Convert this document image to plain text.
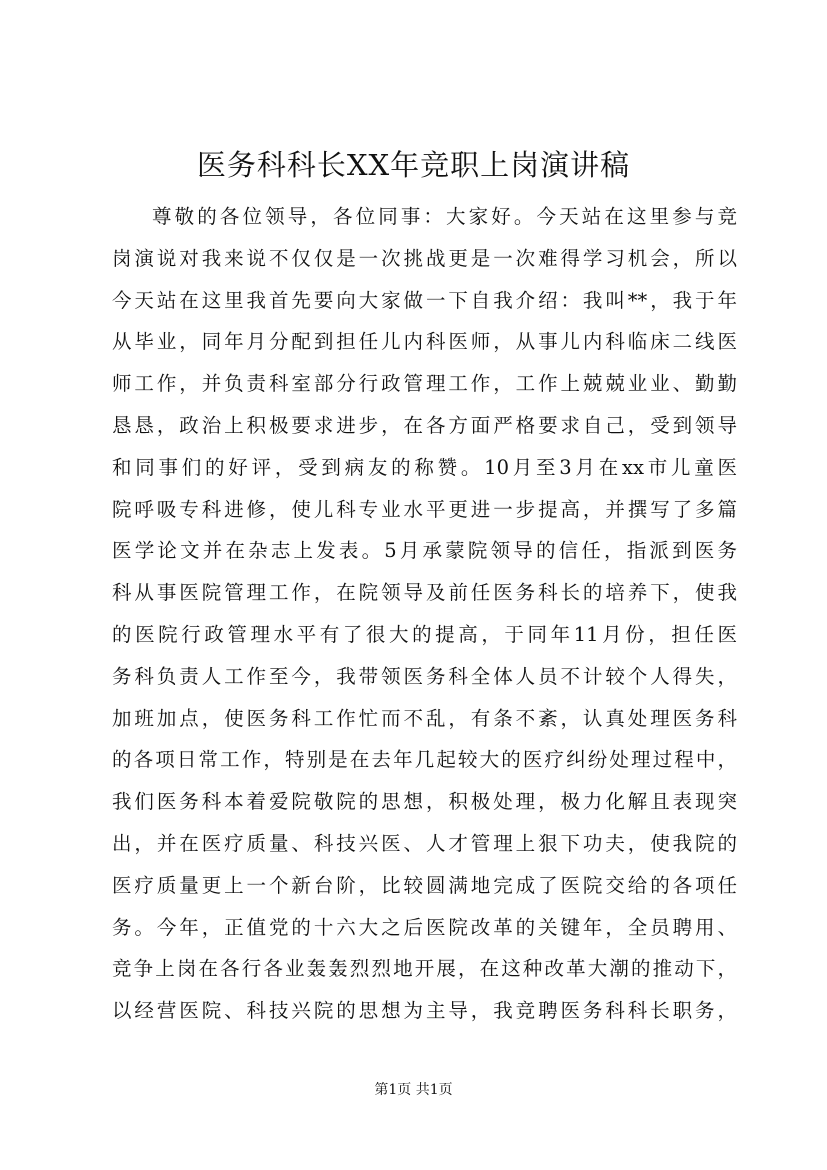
医务科科长XX年竞职上岗演讲稿
尊敬的各位领导，各位同事：大家好。今天站在这里参与竞
岗演说对我来说不仅仅是一次挑战更是一次难得学习机会，所以
今天站在这里我首先要向大家做一下自我介绍：我叫**，我于年
从毕业，同年月分配到担任儿内科医师，从事儿内科临床二线医
师工作，并负责科室部分行政管理工作，工作上兢兢业业、勤勤
恳恳，政治上积极要求进步，在各方面严格要求自己，受到领导
和同事们的好评，受到病友的称赞。10月至3月在xx市儿童医
院呼吸专科进修，使儿科专业水平更进一步提高，并撰写了多篇
医学论文并在杂志上发表。5月承蒙院领导的信任，指派到医务
科从事医院管理工作，在院领导及前任医务科长的培养下，使我
的医院行政管理水平有了很大的提高，于同年11月份，担任医
务科负责人工作至今，我带领医务科全体人员不计较个人得失，
加班加点，使医务科工作忙而不乱，有条不紊，认真处理医务科
的各项日常工作，特别是在去年几起较大的医疗纠纷处理过程中，
我们医务科本着爱院敬院的思想，积极处理，极力化解且表现突
出，并在医疗质量、科技兴医、人才管理上狠下功夫，使我院的
医疗质量更上一个新台阶，比较圆满地完成了医院交给的各项任
务。今年，正值党的十六大之后医院改革的关键年，全员聘用、
竞争上岗在各行各业轰轰烈烈地开展，在这种改革大潮的推动下，
以经营医院、科技兴院的思想为主导，我竞聘医务科科长职务，
第1页 共1页
